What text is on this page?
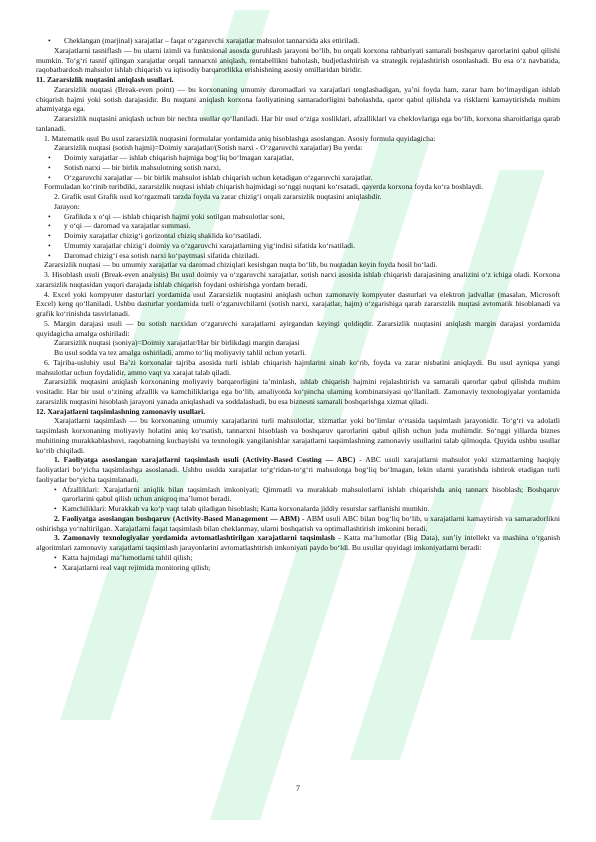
• Cheklangan (marjinal) xarajatlar – faqat o‘zgaruvchi xarajatlar mahsulot tannarxida aks ettiriladi.
Xarajatlarni tasniflash — bu ularni izimli va funktsional asosda guruhlash jarayoni bo‘lib, bu orqali korxona rahbariyati samarali boshqaruv qarorlarini qabul qilishi mumkin. To‘g‘ri tasnif qilingan xarajatlar orqali tannarxni aniqlash, rentabellikni baholash, budjetlashtirish va strategik rejalashtirish osonlashadi. Bu esa o‘z navbatida, raqobatbardosh mahsulot ishlab chiqarish va iqtisodiy barqarorlikka erishishning asosiy omillaridan biridir.
11. Zararsizlik nuqtasini aniqlash usullari.
Zararsizlik nuqtasi (Break-even point) — bu korxonaning umumiy daromadlari va xarajatlari tenglashadigan, ya’ni foyda ham, zarar ham bo‘lmaydigan ishlab chiqarish hajmi yoki sotish darajasidir. Bu nuqtani aniqlash korxona faoliyatining samaradorligini baholashda, qaror qabul qilishda va risklarni kamaytirishda muhim ahamiyatga ega.
Zararsizlik nuqtasini aniqlash uchun bir nechta usullar qo‘llaniladi. Har bir usul o‘ziga xosliklari, afzalliklari va cheklovlariga ega bo‘lib, korxona sharoitlariga qarab tanlanadi.
1. Matematik usul Bu usul zararsizlik nuqtasini formulalar yordamida aniq hisoblashga asoslangan. Asosiy formula quyidagicha:
Zararsizlik nuqtasi (sotish hajmi)=Doimiy xarajatlar/(Sotish narxi - O‘zgaruvchi xarajatlar) Bu yerda:
• Doimiy xarajatlar — ishlab chiqarish hajmiga bog‘liq bo‘lmagan xarajatlar,
• Sotish narxi — bir birlik mahsulotning sotish narxi,
• O‘zgaruvchi xarajatlar — bir birlik mahsulot ishlab chiqarish uchun ketadigan o‘zgaruvchi xarajatlar.
Formuladan ko‘rinib turibdiki, zararsizlik nuqtasi ishlab chiqarish hajmidagi so‘nggi nuqtani ko‘rsatadi, qayerda korxona foyda ko‘ra boshlaydi.
2. Grafik usul Grafik usul ko‘rgazmali tarzda foyda va zarar chizig‘i orqali zararsizlik nuqtasini aniqlashdir.
Jarayon:
• Grafikda x o‘qi — ishlab chiqarish hajmi yoki sotilgan mahsulotlar soni,
• y o‘qi — daromad va xarajatlar summasi.
• Doimiy xarajatlar chizig‘i gorizontal chiziq shaklida ko‘rsatiladi.
• Umumiy xarajatlar chizig‘i doimiy va o‘zgaruvchi xarajatlarning yig‘indisi sifatida ko‘rsatiladi.
• Daromad chizig‘i esa sotish narxi ko‘paytmasi sifatida chiziladi.
Zararsizlik nuqtasi — bu umumiy xarajatlar va daromad chiziqlari kesishgan nuqta bo‘lib, bu nuqtadan keyin foyda hosil bo‘ladi.
3. Hisoblash usuli (Break-even analysis) Bu usul doimiy va o‘zgaruvchi xarajatlar, sotish narxi asosida ishlab chiqarish darajasining analizini o‘z ichiga oladi. Korxona zararsizlik nuqtasidan yuqori darajada ishlab chiqarish foydani oshirishga yordam beradi.
4. Excel yoki kompyuter dasturlari yordamida usul Zararsizlik nuqtasini aniqlash uchun zamonaviy kompyuter dasturlari va elektron jadvallar (masalan, Microsoft Excel) keng qo‘llaniladi. Ushbu dasturlar yordamida turli o‘zgaruvchilarni (sotish narxi, xarajatlar, hajm) o‘zgarishiga qarab zararsizlik nuqtasi avtomatik hisoblanadi va grafik ko‘rinishda tasvirlanadi.
5. Margin darajasi usuli — bu sotish narxidan o‘zgaruvchi xarajatlarni ayirgandan keyingi qoldiqdir. Zararsizlik nuqtasini aniqlash margin darajasi yordamida quyidagicha amalga oshiriladi:
Zararsizlik nuqtasi (soniya)=Doimiy xarajatlar/Har bir birlikdagi margin darajasi
Bu usul sodda va tez amalga oshiriladi, ammo to‘liq moliyaviy tahlil uchun yetarli.
6. Tajriba-uslubiy usul Ba’zi korxonalar tajriba asosida turli ishlab chiqarish hajmlarini sinab ko‘rib, foyda va zarar nisbatini aniqlaydi. Bu usul ayniqsa yangi mahsulotlar uchun foydalidir, ammo vaqt va xarajat talab qiladi.
Zararsizlik nuqtasini aniqlash korxonaning moliyaviy barqarorligini ta’minlash, ishlab chiqarish hajmini rejalashtirish va samarali qarorlar qabul qilishda muhim vositadir. Har bir usul o‘zining afzallik va kamchiliklariga ega bo‘lib, amaliyotda ko‘pincha ularning kombinatsiyasi qo‘llaniladi. Zamonaviy texnologiyalar yordamida zararsizlik nuqtasini hisoblash jarayoni yanada aniqlashadi va soddalashadi, bu esa biznesni samarali boshqarishga xizmat qiladi.
12. Xarajatlarni taqsimlashning zamonaviy usullari.
Xarajatlarni taqsimlash — bu korxonaning umumiy xarajatlarini turli mahsulotlar, xizmatlar yoki bo‘limlar o‘rtasida taqsimlash jarayonidir. To‘g‘ri va adolatli taqsimlash korxonaning moliyaviy holatini aniq ko‘rsatish, tannarxni hisoblash va boshqaruv qarorlarini qabul qilish uchun juda muhimdir. So‘nggi yillarda biznes muhitining murakkablashuvi, raqobatning kuchayishi va texnologik yangilanishlar xarajatlarni taqsimlashning zamonaviy usullarini talab qilmoqda. Quyida ushbu usullar ko‘rib chiqiladi.
1. Faoliyatga asoslangan xarajatlarni taqsimlash usuli (Activity-Based Costing — ABC) - ABC usuli xarajatlarni mahsulot yoki xizmatlarning haqiqiy faoliyatlari bo‘yicha taqsimlashga asoslanadi. Ushbu usulda xarajatlar to‘g‘ridan-to‘g‘ri mahsulotga bog‘liq bo‘lmagan, lekin ularni yaratishda ishtirok etadigan turli faoliyatlar bo‘yicha taqsimlanadi.
• Afzalliklari: Xarajatlarni aniqlik bilan taqsimlash imkoniyati; Qimmatli va murakkab mahsulotlarni ishlab chiqarishda aniq tannarx hisoblash; Boshqaruv qarorlarini qabul qilish uchun aniqroq ma’lumot beradi.
• Kamchiliklari: Murakkab va ko‘p vaqt talab qiladigan hisoblash; Katta korxonalarda jiddiy resurslar sarflanishi mumkin.
2. Faoliyatga asoslangan boshqaruv (Activity-Based Management — ABM) - ABM usuli ABC bilan bog‘liq bo‘lib, u xarajatlarni kamaytirish va samaradorlikni oshirishga yo‘naltirilgan. Xarajatlarni faqat taqsimlash bilan cheklanmay, ularni boshqarish va optimallashtirish imkonini beradi.
3. Zamonaviy texnologiyalar yordamida avtomatlashtirilgan xarajatlarni taqsimlash - Katta ma’lumotlar (Big Data), sun’iy intellekt va mashina o‘rganish algoritmlari zamonaviy xarajatlarni taqsimlash jarayonlarini avtomatlashtirish imkoniyati paydo bo‘ldi. Bu usullar quyidagi imkoniyatlarni beradi:
• Katta hajmdagi ma’lumotlarni tahlil qilish;
• Xarajatlarni real vaqt rejimida monitoring qilish;
7
